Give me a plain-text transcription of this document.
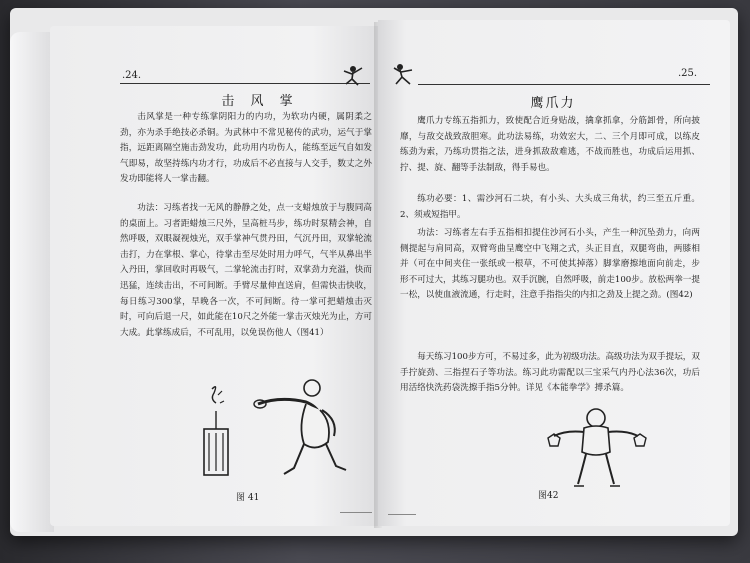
.24.
击 风 掌
击风掌是一种专练掌阴阳力的内功，为软功内硬，属阴柔之劲，亦为杀手绝技必杀铜。为武林中不常见秘传的武功，运气于掌指，远距离隔空施击劲发功，此功用内功伤人，能练至远气自如发气即易，故坚持练内功才行，功成后不必直接与人交手，数丈之外发功即能将人一掌击翻。
功法：习练者找一无风的静静之处，点一支蜡烛放于与腹同高的桌面上。习者距蜡烛三尺外，呈高桩马步，练功时泵精会神，自然呼吸，双眼凝视烛光，双手掌神气贯丹田，气沉丹田，双掌轮流击打，力在掌根、掌心，待掌击至尽处时用力呼气，气半从鼻出半入丹田，掌回收时再吸气，二掌轮流击打时，双掌劲力充溢，快而迅猛，连续击出，不可间断。手臂尽量伸直送肩，但需快击快收，每日练习300掌，早晚各一次，不可间断。待一掌可把蜡烛击灭时，可向后退一尺，如此能在10尺之外能一掌击灭烛光为止，方可大成。此掌练成后，不可乱用，以免误伤他人（图41）
图 41
.25.
鹰爪力
鹰爪力专练五指抓力，致使配合近身贴战，擒拿抓拿，分筋卸骨，所向披靡，与敌交战致敌胆寒。此功法易练，功效宏大，二、三个月即可成，以练皮练劲为索，乃练功贯指之法，进身抓敌敌难逃，不战而胜也，功成后运用抓、拧、提、旋、翻等手法制敌，得手易也。
练功必要：1、需沙河石二块，有小头、大头成三角状，约三至五斤重。2、须戒短指甲。
功法：习练者左右手五指相扣提住沙河石小头，产生一种沉坠劲力，向两侧提起与肩同高，双臂弯曲呈鹰空中飞翔之式，头正目直，双腿弯曲，两膝相并（可在中间夹住一张纸或一根草，不可使其掉落）脚掌磨擦地面向前走，步形不可过大，其练习腿功也。双手沉腕，自然呼吸，前走100步。放松两拳一提一松，以使血液流通，行走时，注意手指指尖的内扣之劲及上提之劲。(图42)
每天练习100步方可，不易过多，此为初级功法。高级功法为双手提坛，双手拧旋劲、三指捏石子等功法。练习此功需配以三宝采气内丹心法36次，功后用活络快洗药袋洗擦手指5分钟。详见《本能拳学》搏杀篇。
图42
